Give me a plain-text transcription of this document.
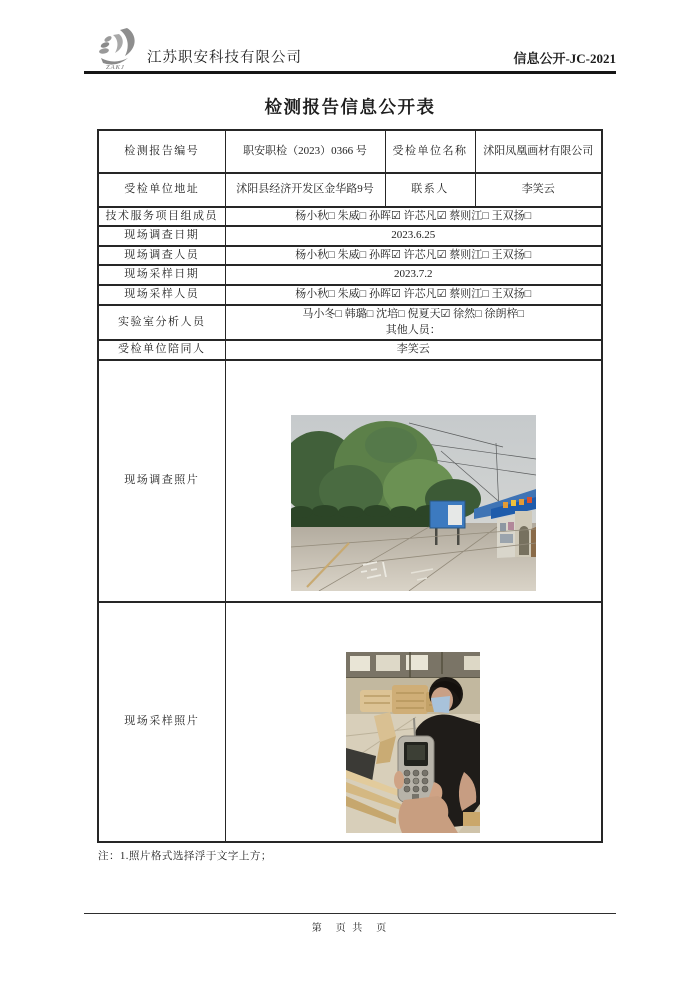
ZAKJ
江苏职安科技有限公司	信息公开-JC-2021
检测报告信息公开表
检测报告编号	职安职检（2023）0366 号	受检单位名称	沭阳凤凰画材有限公司
受检单位地址	沭阳县经济开发区金华路9号	联系人	李笑云
技术服务项目组成员	杨小秋□ 朱威□ 孙晖☑ 许芯凡☑ 蔡则江□ 王双扬□		
现场调查日期	2023.6.25		
现场调查人员	杨小秋□ 朱威□ 孙晖☑ 许芯凡☑ 蔡则江□ 王双扬□		
现场采样日期	2023.7.2		
现场采样人员	杨小秋□ 朱威□ 孙晖☑ 许芯凡☑ 蔡则江□ 王双扬□		
实验室分析人员	马小冬□ 韩璐□ 沈培□ 倪夏天☑ 徐然□ 徐朗梓□
其他人员：		

受检单位陪同人	李笑云		
现场调查照片	

现场采样照片	

注：1.照片格式选择浮于文字上方；

第　页 共　页
